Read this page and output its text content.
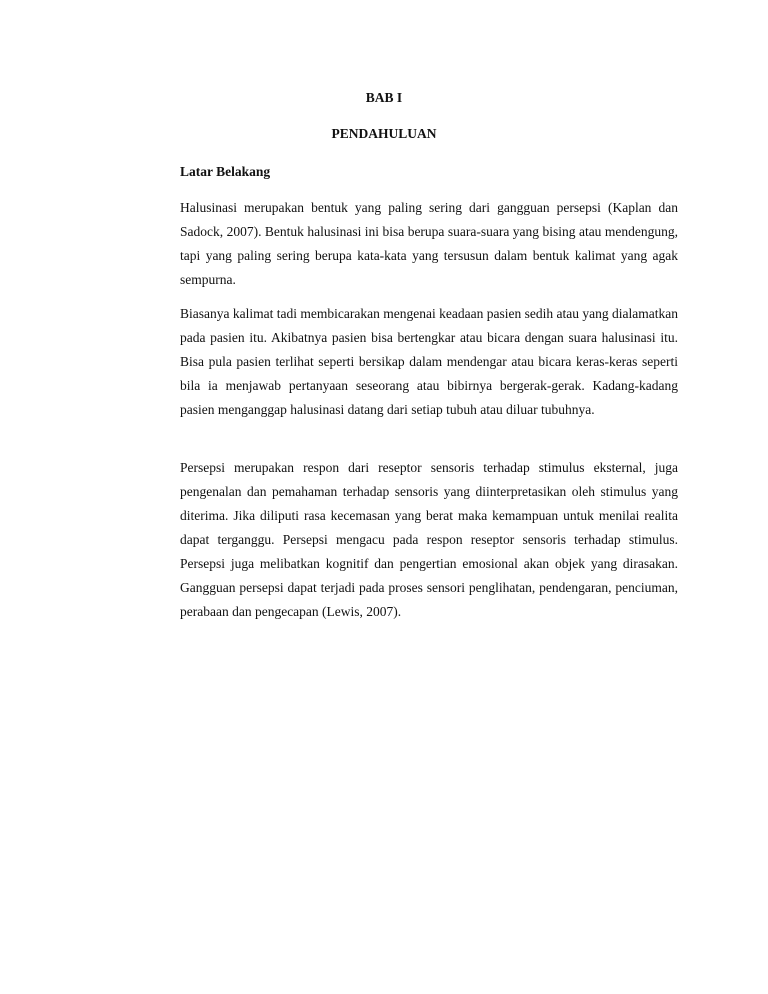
BAB I
PENDAHULUAN
Latar Belakang

Halusinasi merupakan bentuk yang paling sering dari gangguan persepsi (Kaplan dan Sadock, 2007). Bentuk halusinasi ini bisa berupa suara-suara yang bising atau mendengung, tapi yang paling sering berupa kata-kata yang tersusun dalam bentuk kalimat yang agak sempurna.

Biasanya kalimat tadi membicarakan mengenai keadaan pasien sedih atau yang dialamatkan pada pasien itu. Akibatnya pasien bisa bertengkar atau bicara dengan suara halusinasi itu. Bisa pula pasien terlihat seperti bersikap dalam mendengar atau bicara keras-keras seperti bila ia menjawab pertanyaan seseorang atau bibirnya bergerak-gerak. Kadang-kadang pasien menganggap halusinasi datang dari setiap tubuh atau diluar tubuhnya.

Persepsi merupakan respon dari reseptor sensoris terhadap stimulus eksternal, juga pengenalan dan pemahaman terhadap sensoris yang diinterpretasikan oleh stimulus yang diterima. Jika diliputi rasa kecemasan yang berat maka kemampuan untuk menilai realita dapat terganggu. Persepsi mengacu pada respon reseptor sensoris terhadap stimulus. Persepsi juga melibatkan kognitif dan pengertian emosional akan objek yang dirasakan. Gangguan persepsi dapat terjadi pada proses sensori penglihatan, pendengaran, penciuman, perabaan dan pengecapan (Lewis, 2007).
